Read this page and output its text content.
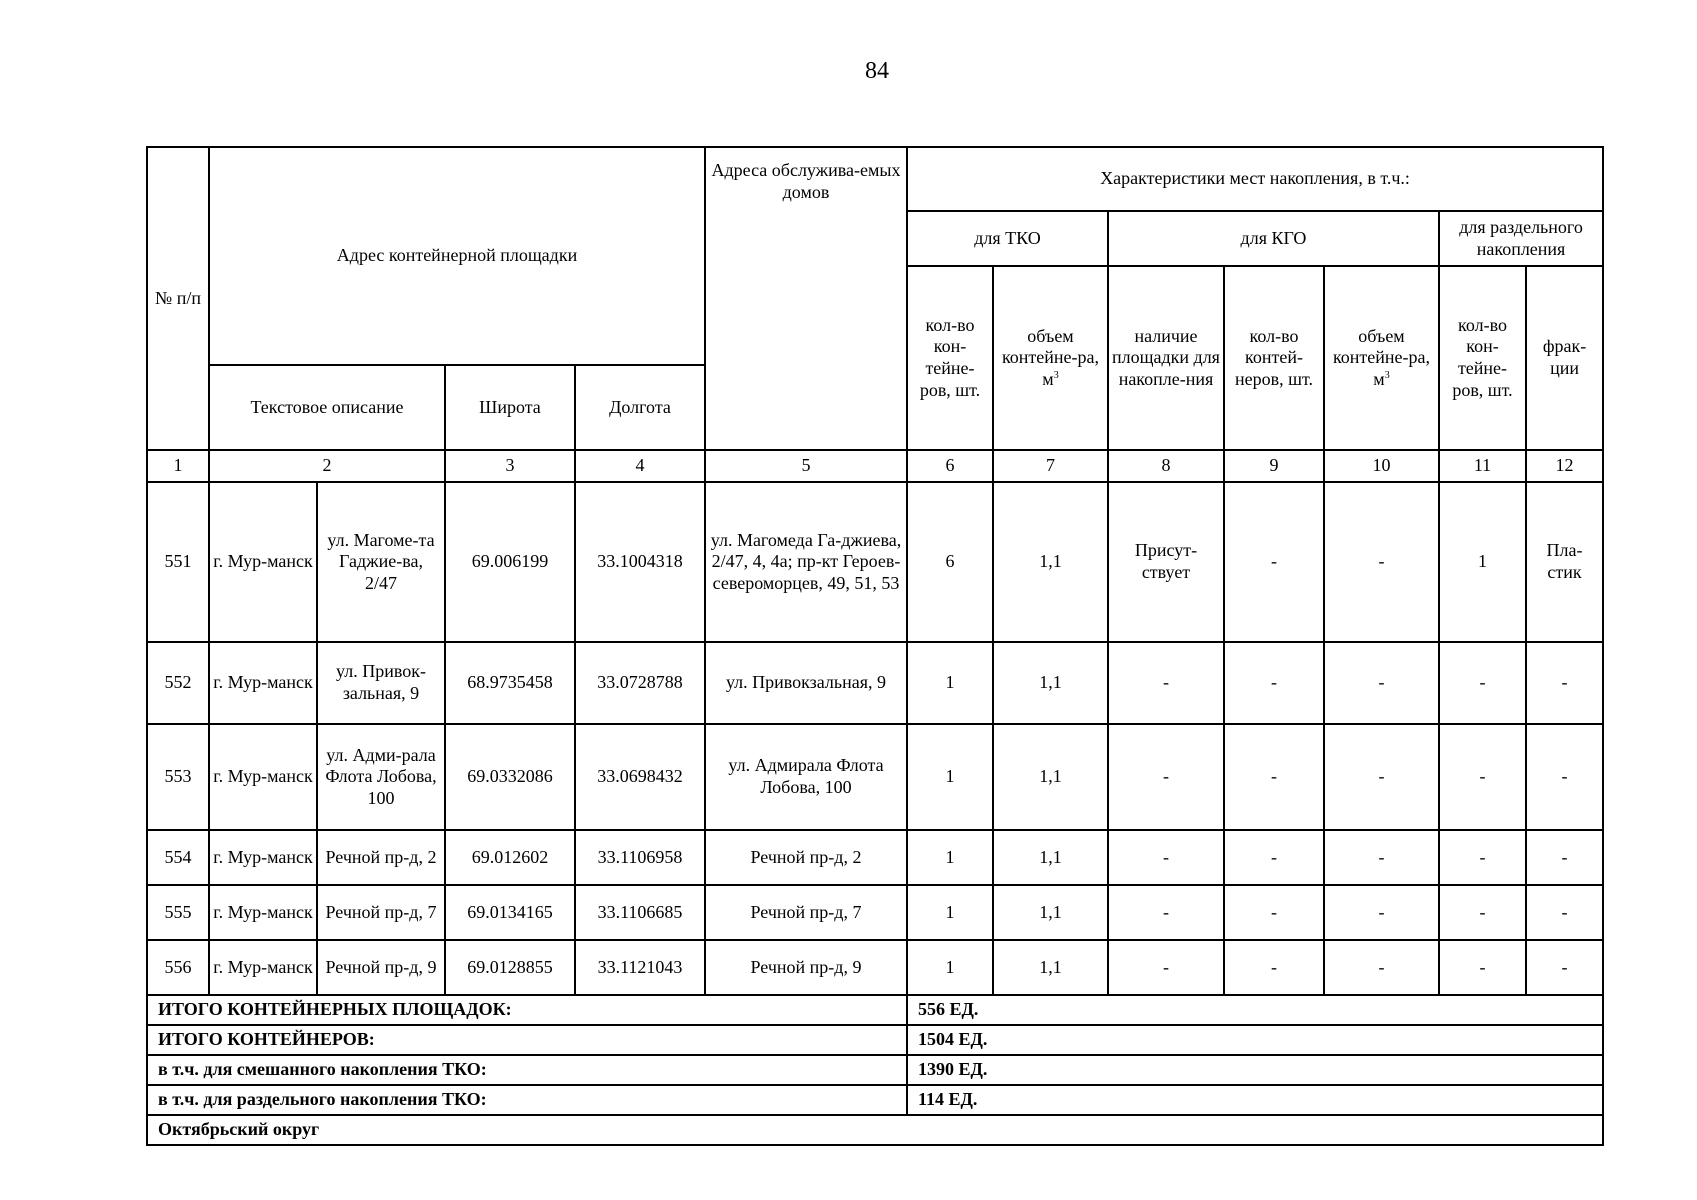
84
№ п/п	Адрес контейнерной площадки				Адреса обслужива-емых домов	Характеристики мест накопления, в т.ч.:						
						для ТКО		для КГО			для раздельного накопления	
						кол-во кон-тейне-ров, шт.	объем контейне-ра, $м^3$	наличие площадки для накопле-ния	кол-во контей-неров, шт.	объем контейне-ра, $м^3$	кол-во кон-тейне-ров, шт.	фрак-ции
	Текстовое описание		Широта	Долгота								
1	2		3	4	5	6	7	8	9	10	11	12
551	г. Мур-манск	ул. Магоме-та Гаджие-ва, 2/47	69.006199	33.1004318	ул. Магомеда Га-джиева, 2/47, 4, 4а; пр-кт Героев-североморцев, 49, 51, 53	6	1,1	Присут-ствует	-	-	1	Пла-стик
552	г. Мур-манск	ул. Привок-зальная, 9	68.9735458	33.0728788	ул. Привокзальная, 9	1	1,1	-	-	-	-	-
553	г. Мур-манск	ул. Адми-рала Флота Лобова, 100	69.0332086	33.0698432	ул. Адмирала Флота Лобова, 100	1	1,1	-	-	-	-	-
554	г. Мур-манск	Речной пр-д, 2	69.012602	33.1106958	Речной пр-д, 2	1	1,1	-	-	-	-	-
555	г. Мур-манск	Речной пр-д, 7	69.0134165	33.1106685	Речной пр-д, 7	1	1,1	-	-	-	-	-
556	г. Мур-манск	Речной пр-д, 9	69.0128855	33.1121043	Речной пр-д, 9	1	1,1	-	-	-	-	-
ИТОГО КОНТЕЙНЕРНЫХ ПЛОЩАДОК:						556 ЕД.						
ИТОГО КОНТЕЙНЕРОВ:						1504 ЕД.						
в т.ч. для смешанного накопления ТКО:						1390 ЕД.						
в т.ч. для раздельного накопления ТКО:						114 ЕД.						
Октябрьский округ												
